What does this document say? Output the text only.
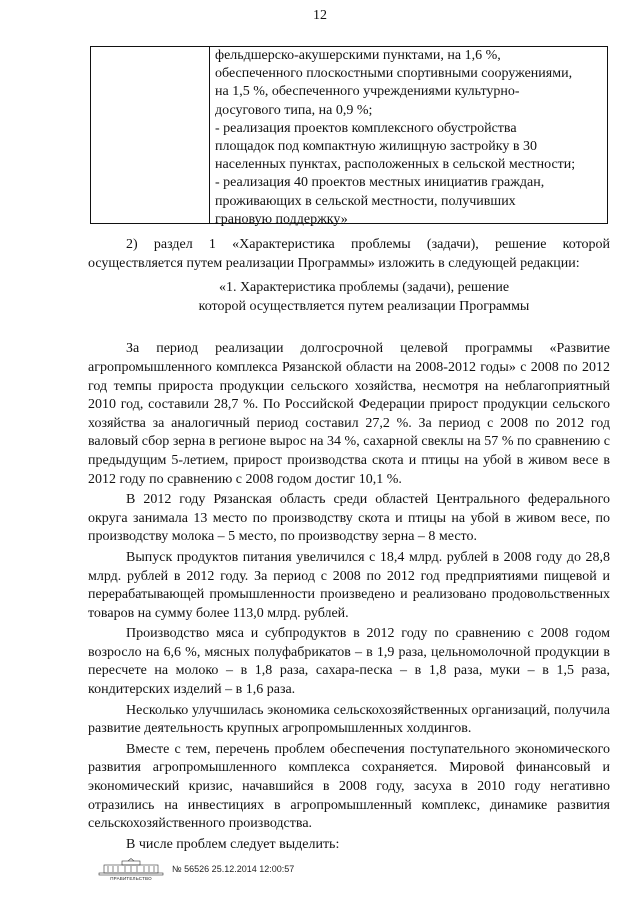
12
фельдшерско-акушерскими пунктами, на 1,6 %,
обеспеченного плоскостными спортивными сооружениями,
на 1,5 %, обеспеченного учреждениями культурно-
досугового типа, на 0,9 %;
- реализация проектов комплексного обустройства
площадок под компактную жилищную застройку в 30
населенных пунктах, расположенных в сельской местности;
- реализация 40 проектов местных инициатив граждан,
проживающих в сельской местности, получивших
грановую поддержку»

2) раздел 1 «Характеристика проблемы (задачи), решение которой осуществляется путем реализации Программы» изложить в следующей редакции:

«1. Характеристика проблемы (задачи), решение
которой осуществляется путем реализации Программы

За период реализации долгосрочной целевой программы «Развитие агропромышленного комплекса Рязанской области на 2008-2012 годы» с 2008 по 2012 год темпы прироста продукции сельского хозяйства, несмотря на неблагоприятный 2010 год, составили 28,7 %. По Российской Федерации прирост продукции сельского хозяйства за аналогичный период составил 27,2 %. За период с 2008 по 2012 год валовый сбор зерна в регионе вырос на 34 %, сахарной свеклы на 57 % по сравнению с предыдущим 5-летием, прирост производства скота и птицы на убой в живом весе в 2012 году по сравнению с 2008 годом достиг 10,1 %.

В 2012 году Рязанская область среди областей Центрального федерального округа занимала 13 место по производству скота и птицы на убой в живом весе, по производству молока – 5 место, по производству зерна – 8 место.

Выпуск продуктов питания увеличился с 18,4 млрд. рублей в 2008 году до 28,8 млрд. рублей в 2012 году. За период с 2008 по 2012 год предприятиями пищевой и перерабатывающей промышленности произведено и реализовано продовольственных товаров на сумму более 113,0 млрд. рублей.

Производство мяса и субпродуктов в 2012 году по сравнению с 2008 годом возросло на 6,6 %, мясных полуфабрикатов – в 1,9 раза, цельномолочной продукции в пересчете на молоко – в 1,8 раза, сахара-песка – в 1,8 раза, муки – в 1,5 раза, кондитерских изделий – в 1,6 раза.

Несколько улучшилась экономика сельскохозяйственных организаций, получила развитие деятельность крупных агропромышленных холдингов.

Вместе с тем, перечень проблем обеспечения поступательного экономического развития агропромышленного комплекса сохраняется. Мировой финансовый и экономический кризис, начавшийся в 2008 году, засуха в 2010 году негативно отразились на инвестициях в агропромышленный комплекс, динамике развития сельскохозяйственного производства.

В числе проблем следует выделить:

ПРАВИТЕЛЬСТВО
№ 56526 25.12.2014 12:00:57
